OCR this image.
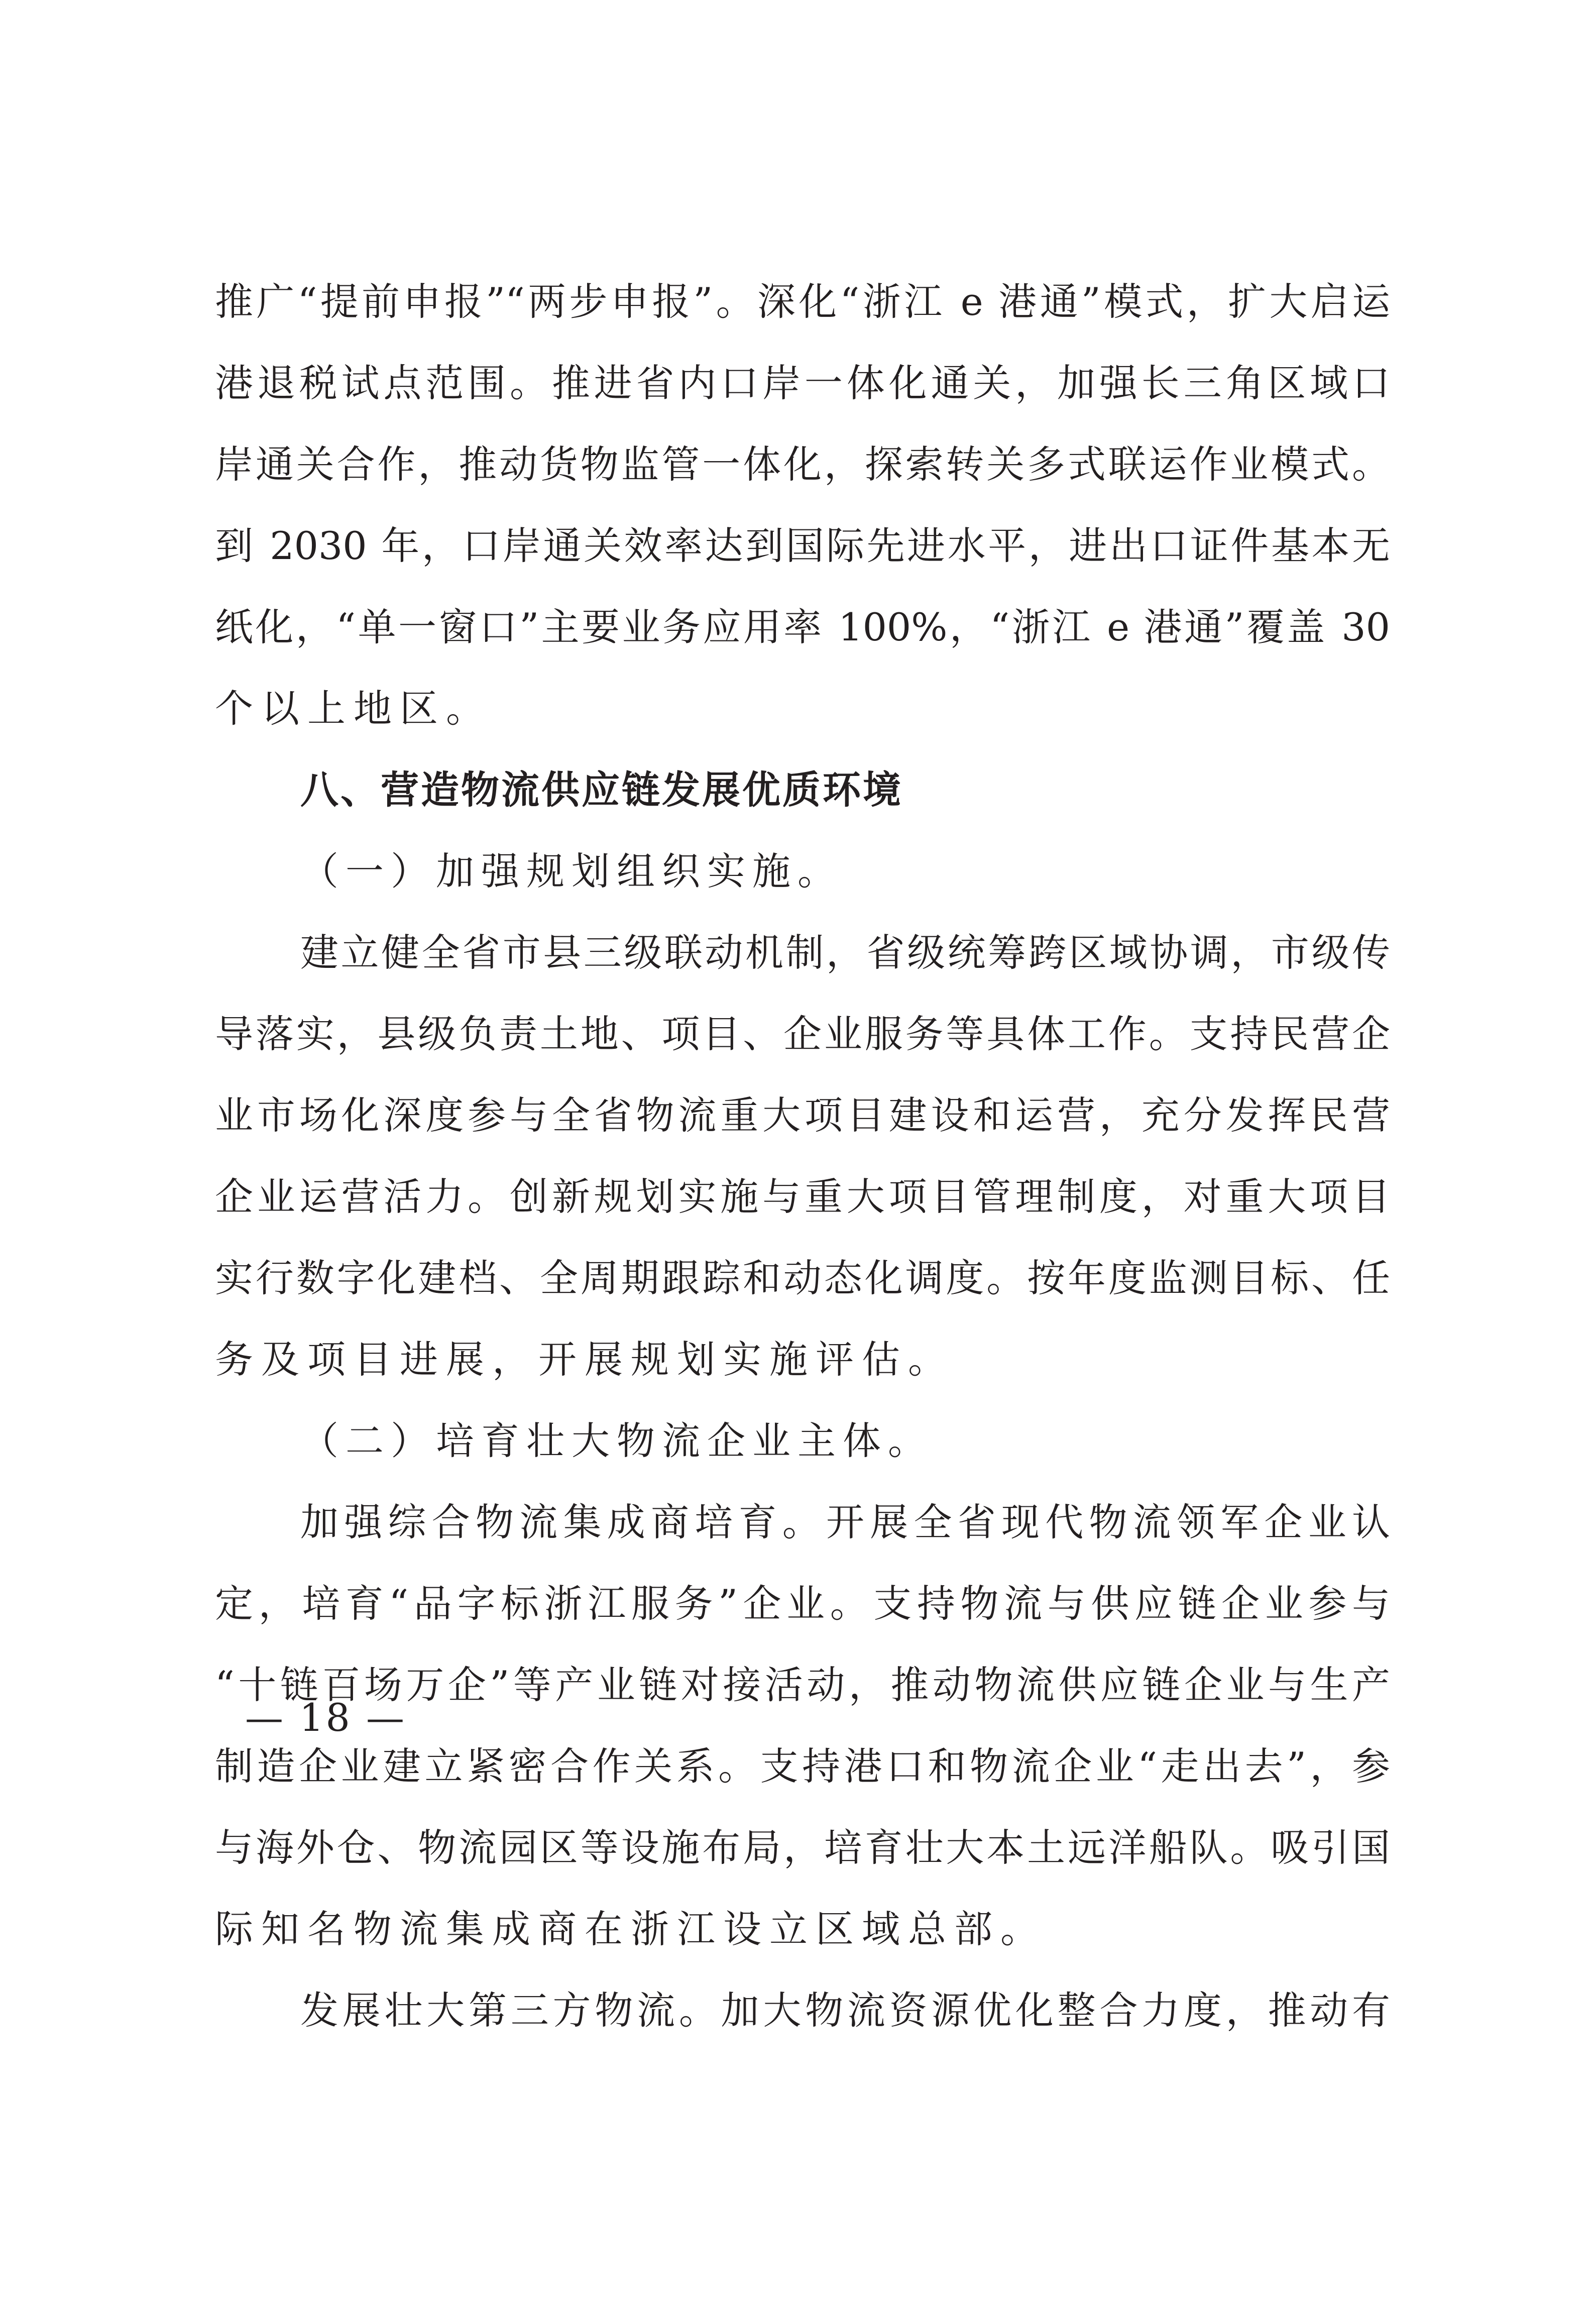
推广“提前申报”“两步申报”。深化“浙江 e 港通”模式，扩大启运
港退税试点范围。推进省内口岸一体化通关，加强长三角区域口
岸通关合作，推动货物监管一体化，探索转关多式联运作业模式。
到 2030 年，口岸通关效率达到国际先进水平，进出口证件基本无
纸化，“单一窗口”主要业务应用率 100%，“浙江 e 港通”覆盖 30
个以上地区。
八、营造物流供应链发展优质环境
（一）加强规划组织实施。
建立健全省市县三级联动机制，省级统筹跨区域协调，市级传
导落实，县级负责土地、项目、企业服务等具体工作。支持民营企
业市场化深度参与全省物流重大项目建设和运营，充分发挥民营
企业运营活力。创新规划实施与重大项目管理制度，对重大项目
实行数字化建档、全周期跟踪和动态化调度。按年度监测目标、任
务及项目进展，开展规划实施评估。
（二）培育壮大物流企业主体。
加强综合物流集成商培育。开展全省现代物流领军企业认
定，培育“品字标浙江服务”企业。支持物流与供应链企业参与
“十链百场万企”等产业链对接活动，推动物流供应链企业与生产
制造企业建立紧密合作关系。支持港口和物流企业“走出去”，参
与海外仓、物流园区等设施布局，培育壮大本土远洋船队。吸引国
际知名物流集成商在浙江设立区域总部。
发展壮大第三方物流。加大物流资源优化整合力度，推动有
— 18 —
